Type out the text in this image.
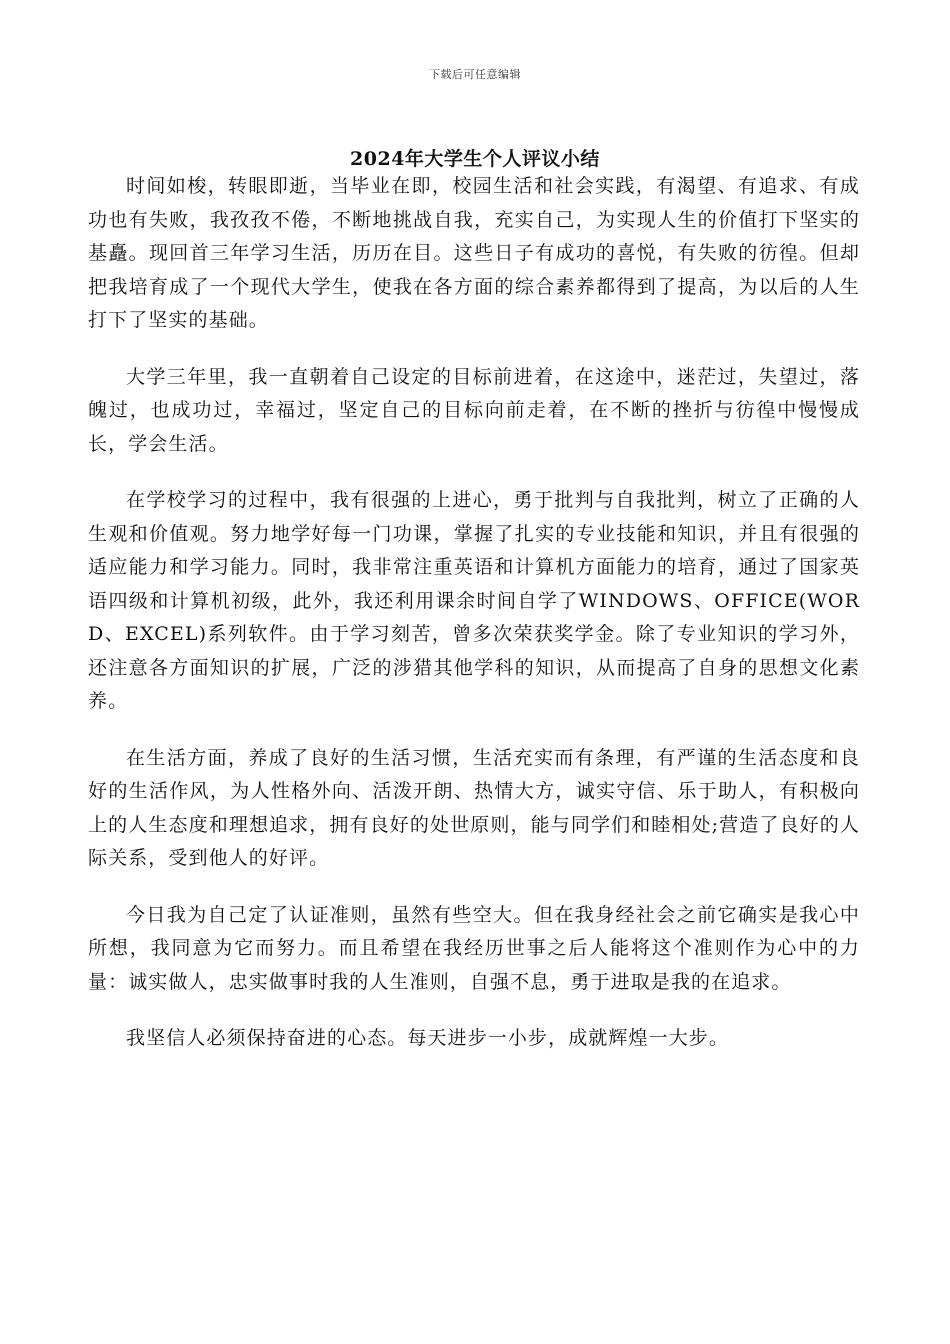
下载后可任意编辑
2024年大学生个人评议小结

时间如梭，转眼即逝，当毕业在即，校园生活和社会实践，有渴望、有追求、有成功也有失败，我孜孜不倦，不断地挑战自我，充实自己，为实现人生的价值打下坚实的基矗。现回首三年学习生活，历历在目。这些日子有成功的喜悦，有失败的彷徨。但却把我培育成了一个现代大学生，使我在各方面的综合素养都得到了提高，为以后的人生打下了坚实的基础。

大学三年里，我一直朝着自己设定的目标前进着，在这途中，迷茫过，失望过，落魄过，也成功过，幸福过，坚定自己的目标向前走着，在不断的挫折与彷徨中慢慢成长，学会生活。

在学校学习的过程中，我有很强的上进心，勇于批判与自我批判，树立了正确的人生观和价值观。努力地学好每一门功课，掌握了扎实的专业技能和知识，并且有很强的适应能力和学习能力。同时，我非常注重英语和计算机方面能力的培育，通过了国家英语四级和计算机初级，此外，我还利用课余时间自学了WINDOWS、OFFICE(WORD、EXCEL)系列软件。由于学习刻苦，曾多次荣获奖学金。除了专业知识的学习外，还注意各方面知识的扩展，广泛的涉猎其他学科的知识，从而提高了自身的思想文化素养。

在生活方面，养成了良好的生活习惯，生活充实而有条理，有严谨的生活态度和良好的生活作风，为人性格外向、活泼开朗、热情大方，诚实守信、乐于助人，有积极向上的人生态度和理想追求，拥有良好的处世原则，能与同学们和睦相处;营造了良好的人际关系，受到他人的好评。

今日我为自己定了认证准则，虽然有些空大。但在我身经社会之前它确实是我心中所想，我同意为它而努力。而且希望在我经历世事之后人能将这个准则作为心中的力量：诚实做人，忠实做事时我的人生准则，自强不息，勇于进取是我的在追求。

我坚信人必须保持奋进的心态。每天进步一小步，成就辉煌一大步。
